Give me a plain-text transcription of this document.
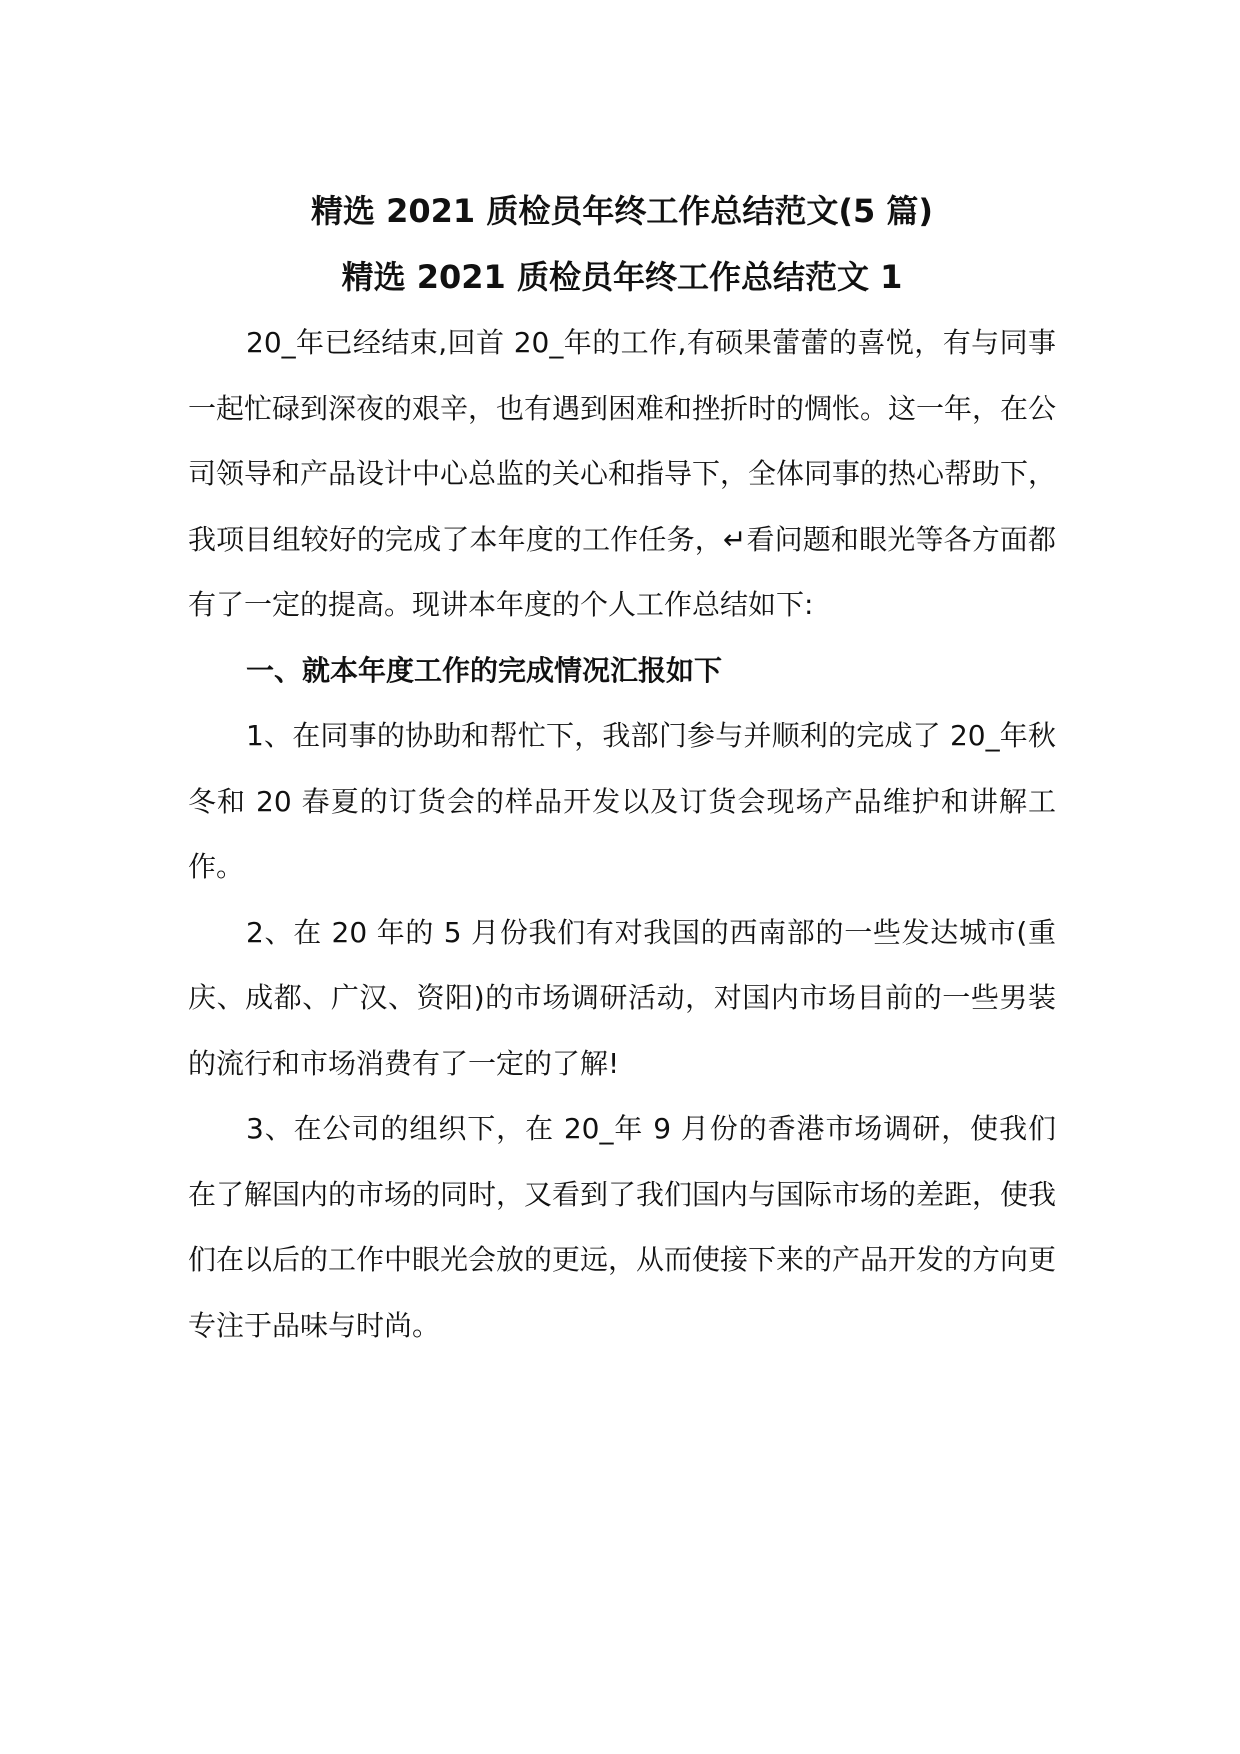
精选 2021 质检员年终工作总结范文(5 篇)
精选 2021 质检员年终工作总结范文 1

20_年已经结束,回首 20_年的工作,有硕果蕾蕾的喜悦，有与同事一起忙碌到深夜的艰辛，也有遇到困难和挫折时的惆怅。这一年，在公司领导和产品设计中心总监的关心和指导下，全体同事的热心帮助下，我项目组较好的完成了本年度的工作任务，↵看问题和眼光等各方面都有了一定的提高。现讲本年度的个人工作总结如下:

一、就本年度工作的完成情况汇报如下

1、在同事的协助和帮忙下，我部门参与并顺利的完成了 20_年秋冬和 20 春夏的订货会的样品开发以及订货会现场产品维护和讲解工作。

2、在 20 年的 5 月份我们有对我国的西南部的一些发达城市(重庆、成都、广汉、资阳)的市场调研活动，对国内市场目前的一些男装的流行和市场消费有了一定的了解!

3、在公司的组织下，在 20_年 9 月份的香港市场调研，使我们在了解国内的市场的同时，又看到了我们国内与国际市场的差距，使我们在以后的工作中眼光会放的更远，从而使接下来的产品开发的方向更专注于品味与时尚。
